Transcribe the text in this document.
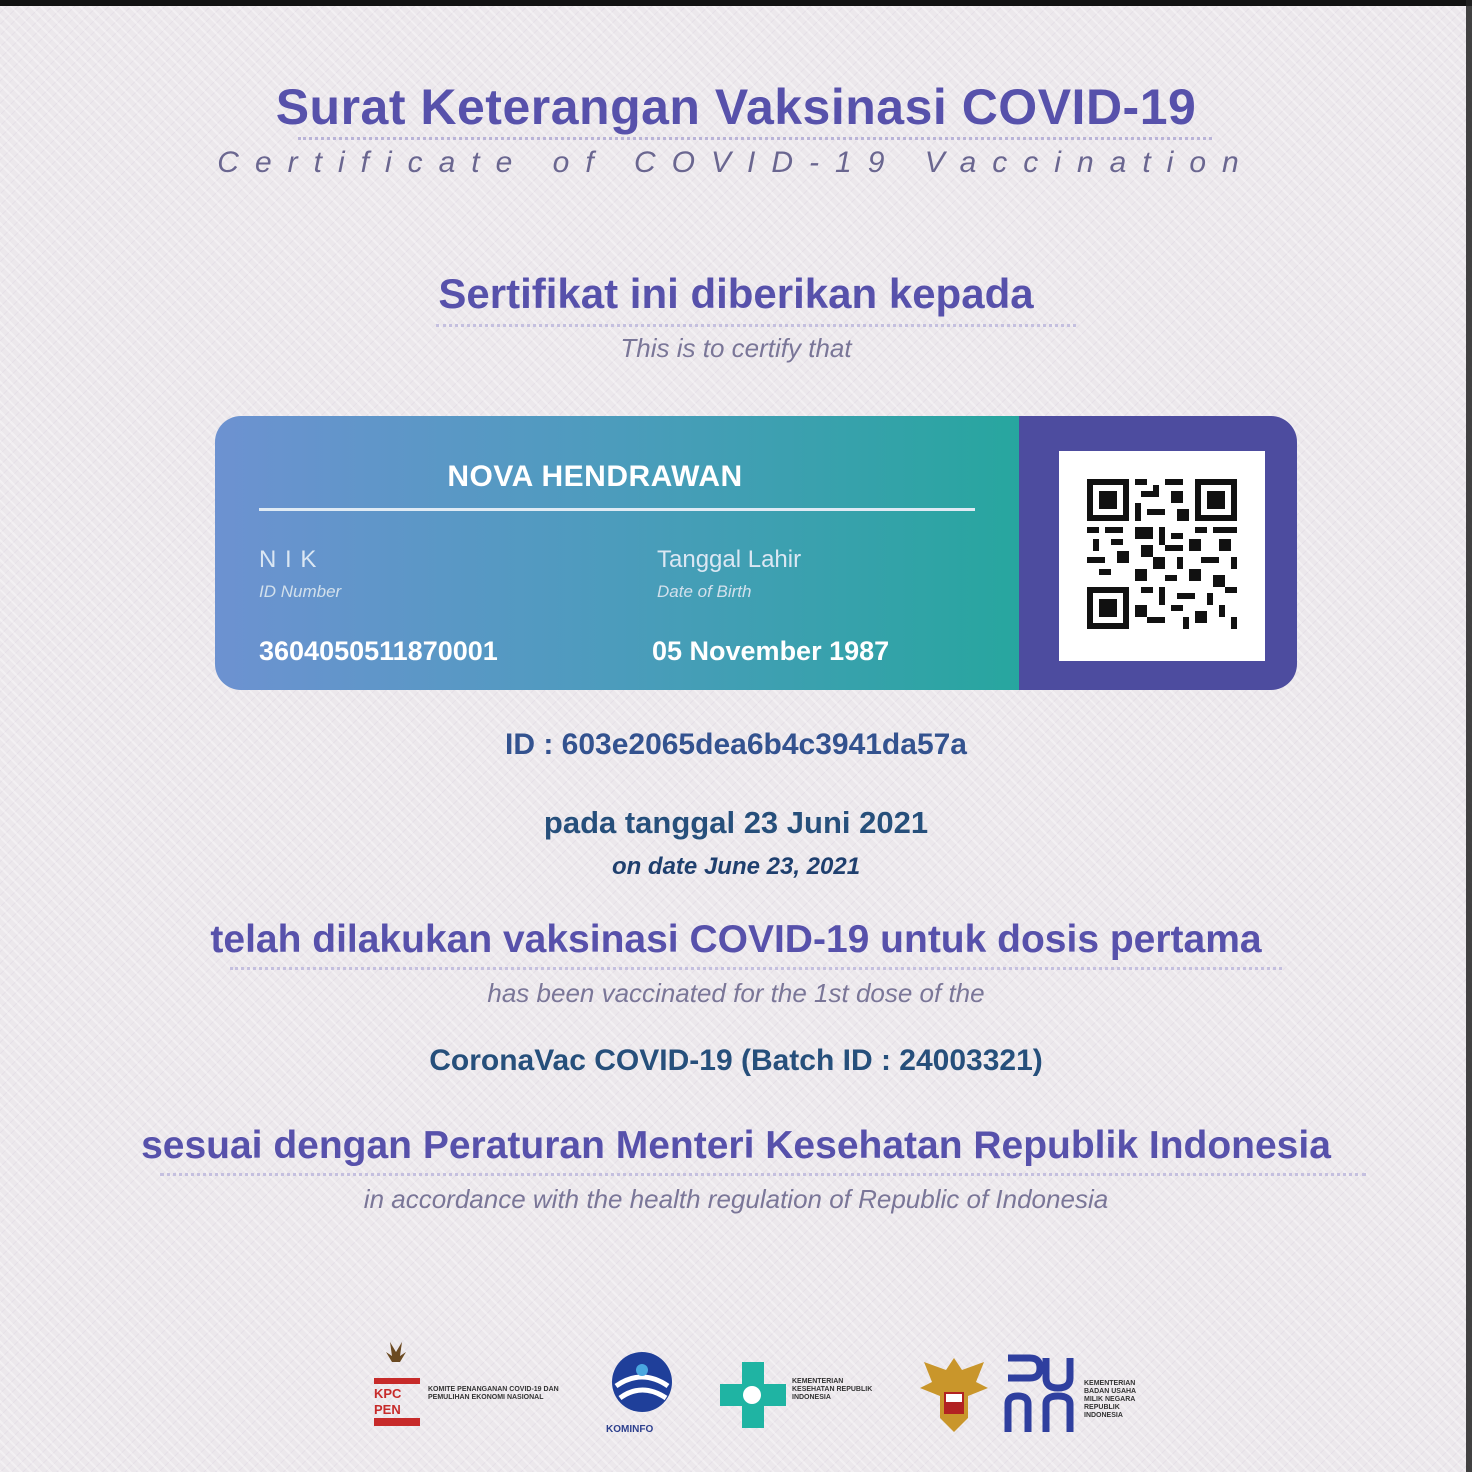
Surat Keterangan Vaksinasi COVID-19
Certificate of COVID-19 Vaccination
Sertifikat ini diberikan kepada
This is to certify that
NOVA HENDRAWAN
N I K
ID Number
3604050511870001
Tanggal Lahir
Date of Birth
05 November 1987
ID : 603e2065dea6b4c3941da57a
pada tanggal 23 Juni 2021
on date June 23, 2021
telah dilakukan vaksinasi COVID-19 untuk dosis pertama
has been vaccinated for the 1st dose of the
CoronaVac COVID-19 (Batch ID : 24003321)
sesuai dengan Peraturan Menteri Kesehatan Republik Indonesia
in accordance with the health regulation of Republic of Indonesia
KPC
PEN
KOMITE PENANGANAN COVID-19 DAN PEMULIHAN EKONOMI NASIONAL
KOMINFO
KEMENTERIAN KESEHATAN REPUBLIK INDONESIA
KEMENTERIAN BADAN USAHA MILIK NEGARA REPUBLIK INDONESIA
